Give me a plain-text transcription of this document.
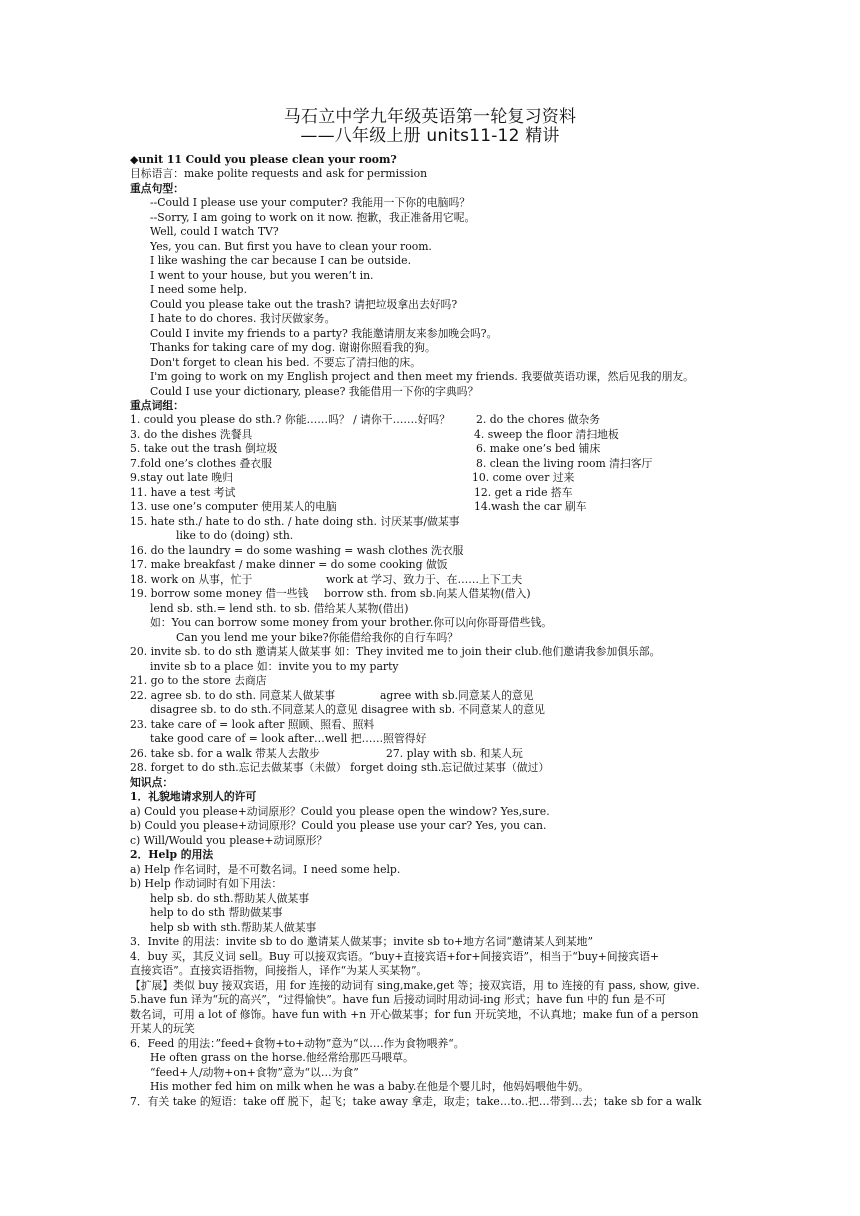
马石立中学九年级英语第一轮复习资料
——八年级上册 units11-12 精讲
◆unit 11 Could you please clean your room?
目标语言：make polite requests and ask for permission
重点句型：
--Could I please use your computer? 我能用一下你的电脑吗？
--Sorry, I am going to work on it now. 抱歉，我正准备用它呢。
Well, could I watch TV?
Yes, you can. But first you have to clean your room.
I like washing the car because I can be outside.
I went to your house, but you weren’t in.
I need some help.
Could you please take out the trash? 请把垃圾拿出去好吗?
I hate to do chores. 我讨厌做家务。
Could I invite my friends to a party? 我能邀请朋友来参加晚会吗?。
Thanks for taking care of my dog. 谢谢你照看我的狗。
Don't forget to clean his bed. 不要忘了清扫他的床。
I'm going to work on my English project and then meet my friends. 我要做英语功课，然后见我的朋友。
Could I use your dictionary, please? 我能借用一下你的字典吗？
重点词组：
1. could you please do sth.? 你能……吗？ / 请你干…….好吗？	2. do the chores 做杂务
3. do the dishes 洗餐具	4. sweep the floor 清扫地板
5. take out the trash 倒垃圾	6. make one’s bed 铺床
7.fold one’s clothes 叠衣服	8. clean the living room 清扫客厅
9.stay out late 晚归	10. come over 过来
11. have a test 考试	12. get a ride 搭车
13. use one’s computer 使用某人的电脑	14.wash the car 刷车
15. hate sth./ hate to do sth. / hate doing sth. 讨厌某事/做某事
like to do (doing) sth.
16. do the laundry = do some washing = wash clothes 洗衣服
17. make breakfast / make dinner = do some cooking 做饭
18. work on 从事，忙于	work at 学习、致力于、在……上下工夫
19. borrow some money 借一些钱	borrow sth. from sb.向某人借某物(借入)
lend sb. sth.= lend sth. to sb. 借给某人某物(借出)
如：You can borrow some money from your brother.你可以向你哥哥借些钱。
Can you lend me your bike?你能借给我你的自行车吗？
20. invite sb. to do sth 邀请某人做某事 如：They invited me to join their club.他们邀请我参加俱乐部。
invite sb to a place 如：invite you to my party
21. go to the store 去商店
22. agree sb. to do sth. 同意某人做某事	agree with sb.同意某人的意见
disagree sb. to do sth.不同意某人的意见 disagree with sb. 不同意某人的意见
23. take care of = look after 照顾、照看、照料
take good care of = look after…well 把……照管得好
26. take sb. for a walk 带某人去散步	27. play with sb. 和某人玩
28. forget to do sth.忘记去做某事（未做） forget doing sth.忘记做过某事（做过）
知识点：
1．礼貌地请求别人的许可
a) Could you please+动词原形？Could you please open the window? Yes,sure.
b) Could you please+动词原形？Could you please use your car? Yes, you can.
c) Will/Would you please+动词原形？
2．Help 的用法
a) Help 作名词时，是不可数名词。I need some help.
b) Help 作动词时有如下用法：
help sb. do sth.帮助某人做某事
help to do sth 帮助做某事
help sb with sth.帮助某人做某事
3．Invite 的用法：invite sb to do 邀请某人做某事；invite sb to+地方名词“邀请某人到某地”
4．buy 买，其反义词 sell。Buy 可以接双宾语。“buy+直接宾语+for+间接宾语”，相当于“buy+间接宾语+
直接宾语”。直接宾语指物，间接指人，译作“为某人买某物”。
【扩展】类似 buy 接双宾语，用 for 连接的动词有 sing,make,get 等；接双宾语，用 to 连接的有 pass, show, give.
5.have fun 译为“玩的高兴”，“过得愉快”。have fun 后接动词时用动词-ing 形式；have fun 中的 fun 是不可
数名词，可用 a lot of 修饰。have fun with +n 开心做某事；for fun 开玩笑地，不认真地；make fun of a person
开某人的玩笑
6．Feed 的用法：”feed+食物+to+动物”意为“以….作为食物喂养“。
He often grass on the horse.他经常给那匹马喂草。
“feed+人/动物+on+食物”意为“以…为食”
His mother fed him on milk when he was a baby.在他是个婴儿时，他妈妈喂他牛奶。
7．有关 take 的短语：take off 脱下，起飞；take away 拿走，取走；take…to..把…带到…去；take sb for a walk
